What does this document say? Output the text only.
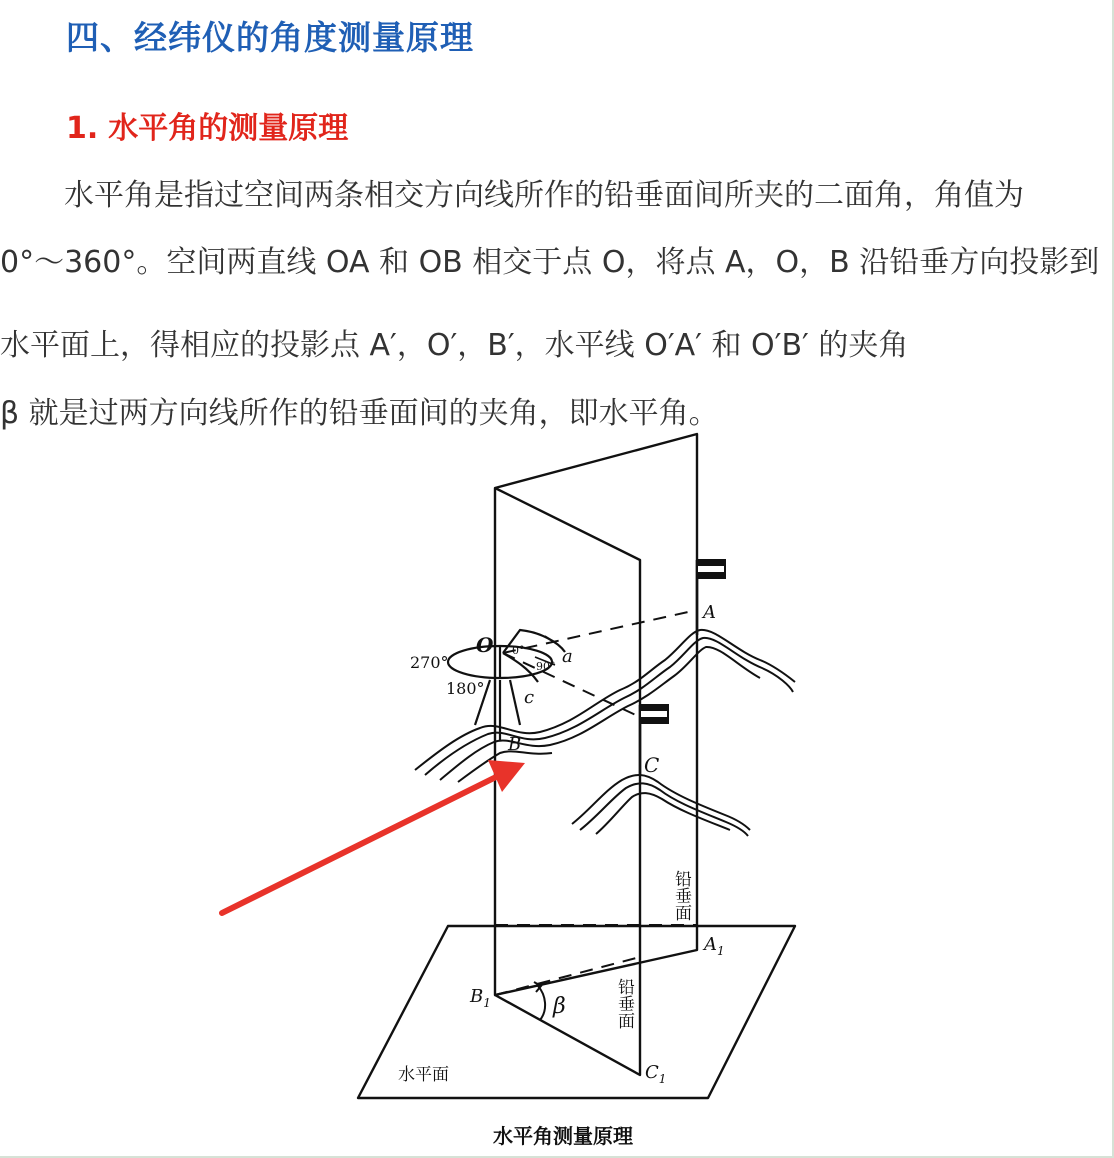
四、经纬仪的角度测量原理
1. 水平角的测量原理
水平角是指过空间两条相交方向线所作的铅垂面间所夹的二面角，角值为
0°～360°。空间两直线 OA 和 OB 相交于点 O，将点 A，O，B 沿铅垂方向投影到
水平面上，得相应的投影点 A′，O′，B′，水平线 O′A′ 和 O′B′ 的夹角
β 就是过两方向线所作的铅垂面间的夹角，即水平角。
O
A
B
C
a
c
270°
180°
0°
90°
$A_1$
$B_1$
$C_1$
β
铅垂面
铅垂面
水平面
水平角测量原理
